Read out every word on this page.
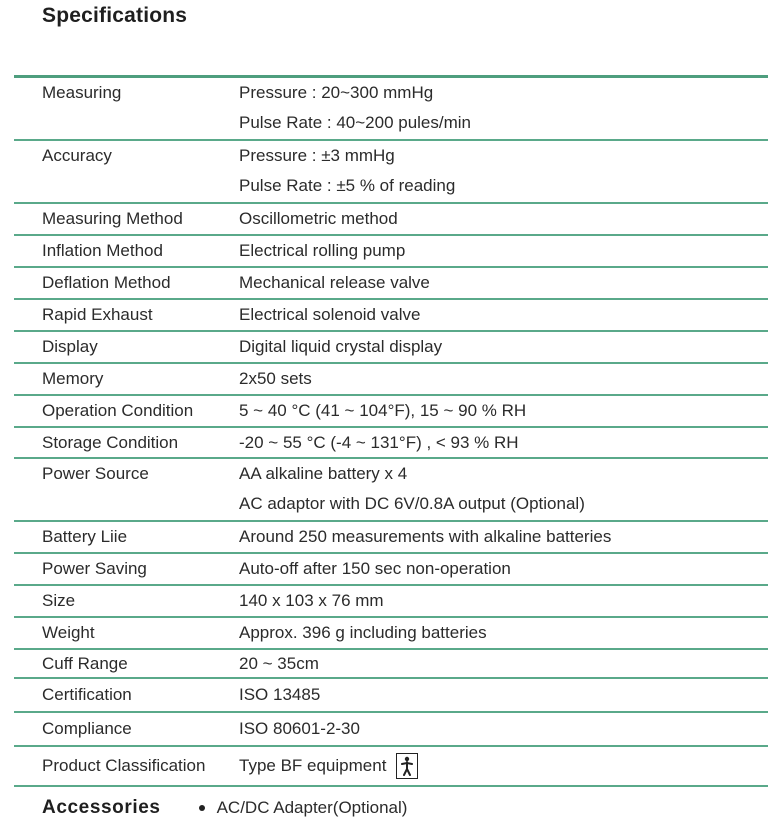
Specifications
Measuring	Pressure : 20~300 mmHg
Pulse Rate : 40~200 pules/min
Accuracy	Pressure : ±3 mmHg
Pulse Rate : ±5 % of reading
Measuring Method	Oscillometric method
Inflation Method	Electrical rolling pump
Deflation Method	Mechanical release valve
Rapid Exhaust	Electrical solenoid valve
Display	Digital liquid crystal display
Memory	2x50 sets
Operation Condition	5 ~ 40 °C (41 ~ 104°F), 15 ~ 90 % RH
Storage Condition	-20 ~ 55 °C (-4 ~ 131°F) , < 93 % RH
Power Source	AA alkaline battery x 4
AC adaptor with DC 6V/0.8A output (Optional)
Battery Liie	Around 250 measurements with alkaline batteries
Power Saving	Auto-off after 150 sec non-operation
Size	140 x 103 x 76 mm
Weight	Approx. 396 g including batteries
Cuff Range	20 ~ 35cm
Certification	ISO 13485
Compliance	ISO 80601-2-30
Product Classification	Type BF equipment
Accessories	AC/DC Adapter(Optional)
